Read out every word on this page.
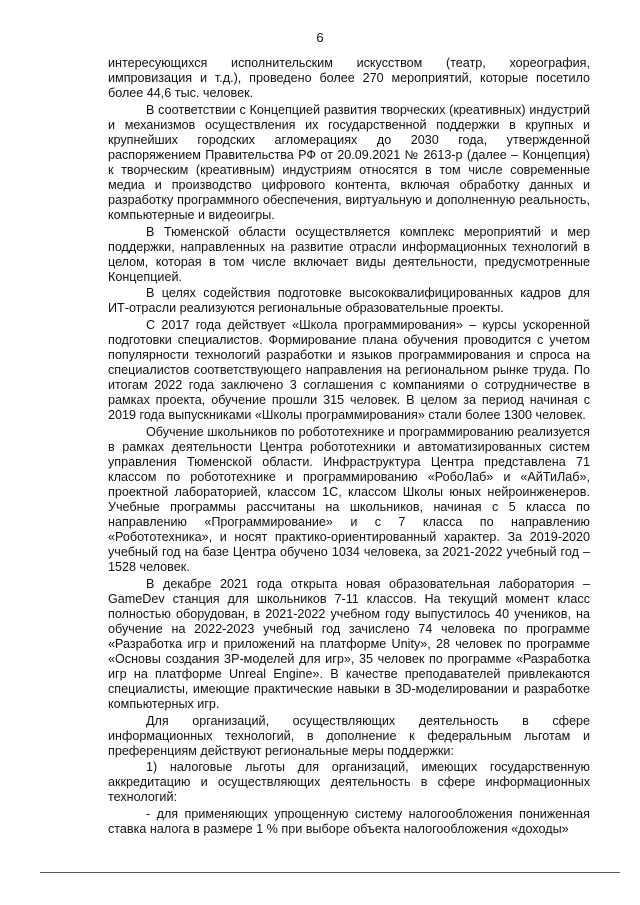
6

интересующихся исполнительским искусством (театр, хореография, импровизация и т.д.), проведено более 270 мероприятий, которые посетило более 44,6 тыс. человек.

В соответствии с Концепцией развития творческих (креативных) индустрий и механизмов осуществления их государственной поддержки в крупных и крупнейших городских агломерациях до 2030 года, утвержденной распоряжением Правительства РФ от 20.09.2021 № 2613-р (далее – Концепция) к творческим (креативным) индустриям относятся в том числе современные медиа и производство цифрового контента, включая обработку данных и разработку программного обеспечения, виртуальную и дополненную реальность, компьютерные и видеоигры.

В Тюменской области осуществляется комплекс мероприятий и мер поддержки, направленных на развитие отрасли информационных технологий в целом, которая в том числе включает виды деятельности, предусмотренные Концепцией.

В целях содействия подготовке высококвалифицированных кадров для ИТ-отрасли реализуются региональные образовательные проекты.

С 2017 года действует «Школа программирования» – курсы ускоренной подготовки специалистов. Формирование плана обучения проводится с учетом популярности технологий разработки и языков программирования и спроса на специалистов соответствующего направления на региональном рынке труда. По итогам 2022 года заключено 3 соглашения с компаниями о сотрудничестве в рамках проекта, обучение прошли 315 человек. В целом за период начиная с 2019 года выпускниками «Школы программирования» стали более 1300 человек.

Обучение школьников по робототехнике и программированию реализуется в рамках деятельности Центра робототехники и автоматизированных систем управления Тюменской области. Инфраструктура Центра представлена 71 классом по робототехнике и программированию «РобоЛаб» и «АйТиЛаб», проектной лабораторией, классом 1С, классом Школы юных нейроинженеров. Учебные программы рассчитаны на школьников, начиная с 5 класса по направлению «Программирование» и с 7 класса по направлению «Робототехника», и носят практико-ориентированный характер. За 2019-2020 учебный год на базе Центра обучено 1034 человека, за 2021-2022 учебный год – 1528 человек.

В декабре 2021 года открыта новая образовательная лаборатория – GameDev станция для школьников 7-11 классов. На текущий момент класс полностью оборудован, в 2021-2022 учебном году выпустилось 40 учеников, на обучение на 2022-2023 учебный год зачислено 74 человека по программе «Разработка игр и приложений на платформе Unity», 28 человек по программе «Основы создания 3Р-моделей для игр», 35 человек по программе «Разработка игр на платформе Unreal Engine». В качестве преподавателей привлекаются специалисты, имеющие практические навыки в 3D-моделировании и разработке компьютерных игр.

Для организаций, осуществляющих деятельность в сфере информационных технологий, в дополнение к федеральным льготам и преференциям действуют региональные меры поддержки:

1) налоговые льготы для организаций, имеющих государственную аккредитацию и осуществляющих деятельность в сфере информационных технологий:

- для применяющих упрощенную систему налогообложения пониженная ставка налога в размере 1 % при выборе объекта налогообложения «доходы»
